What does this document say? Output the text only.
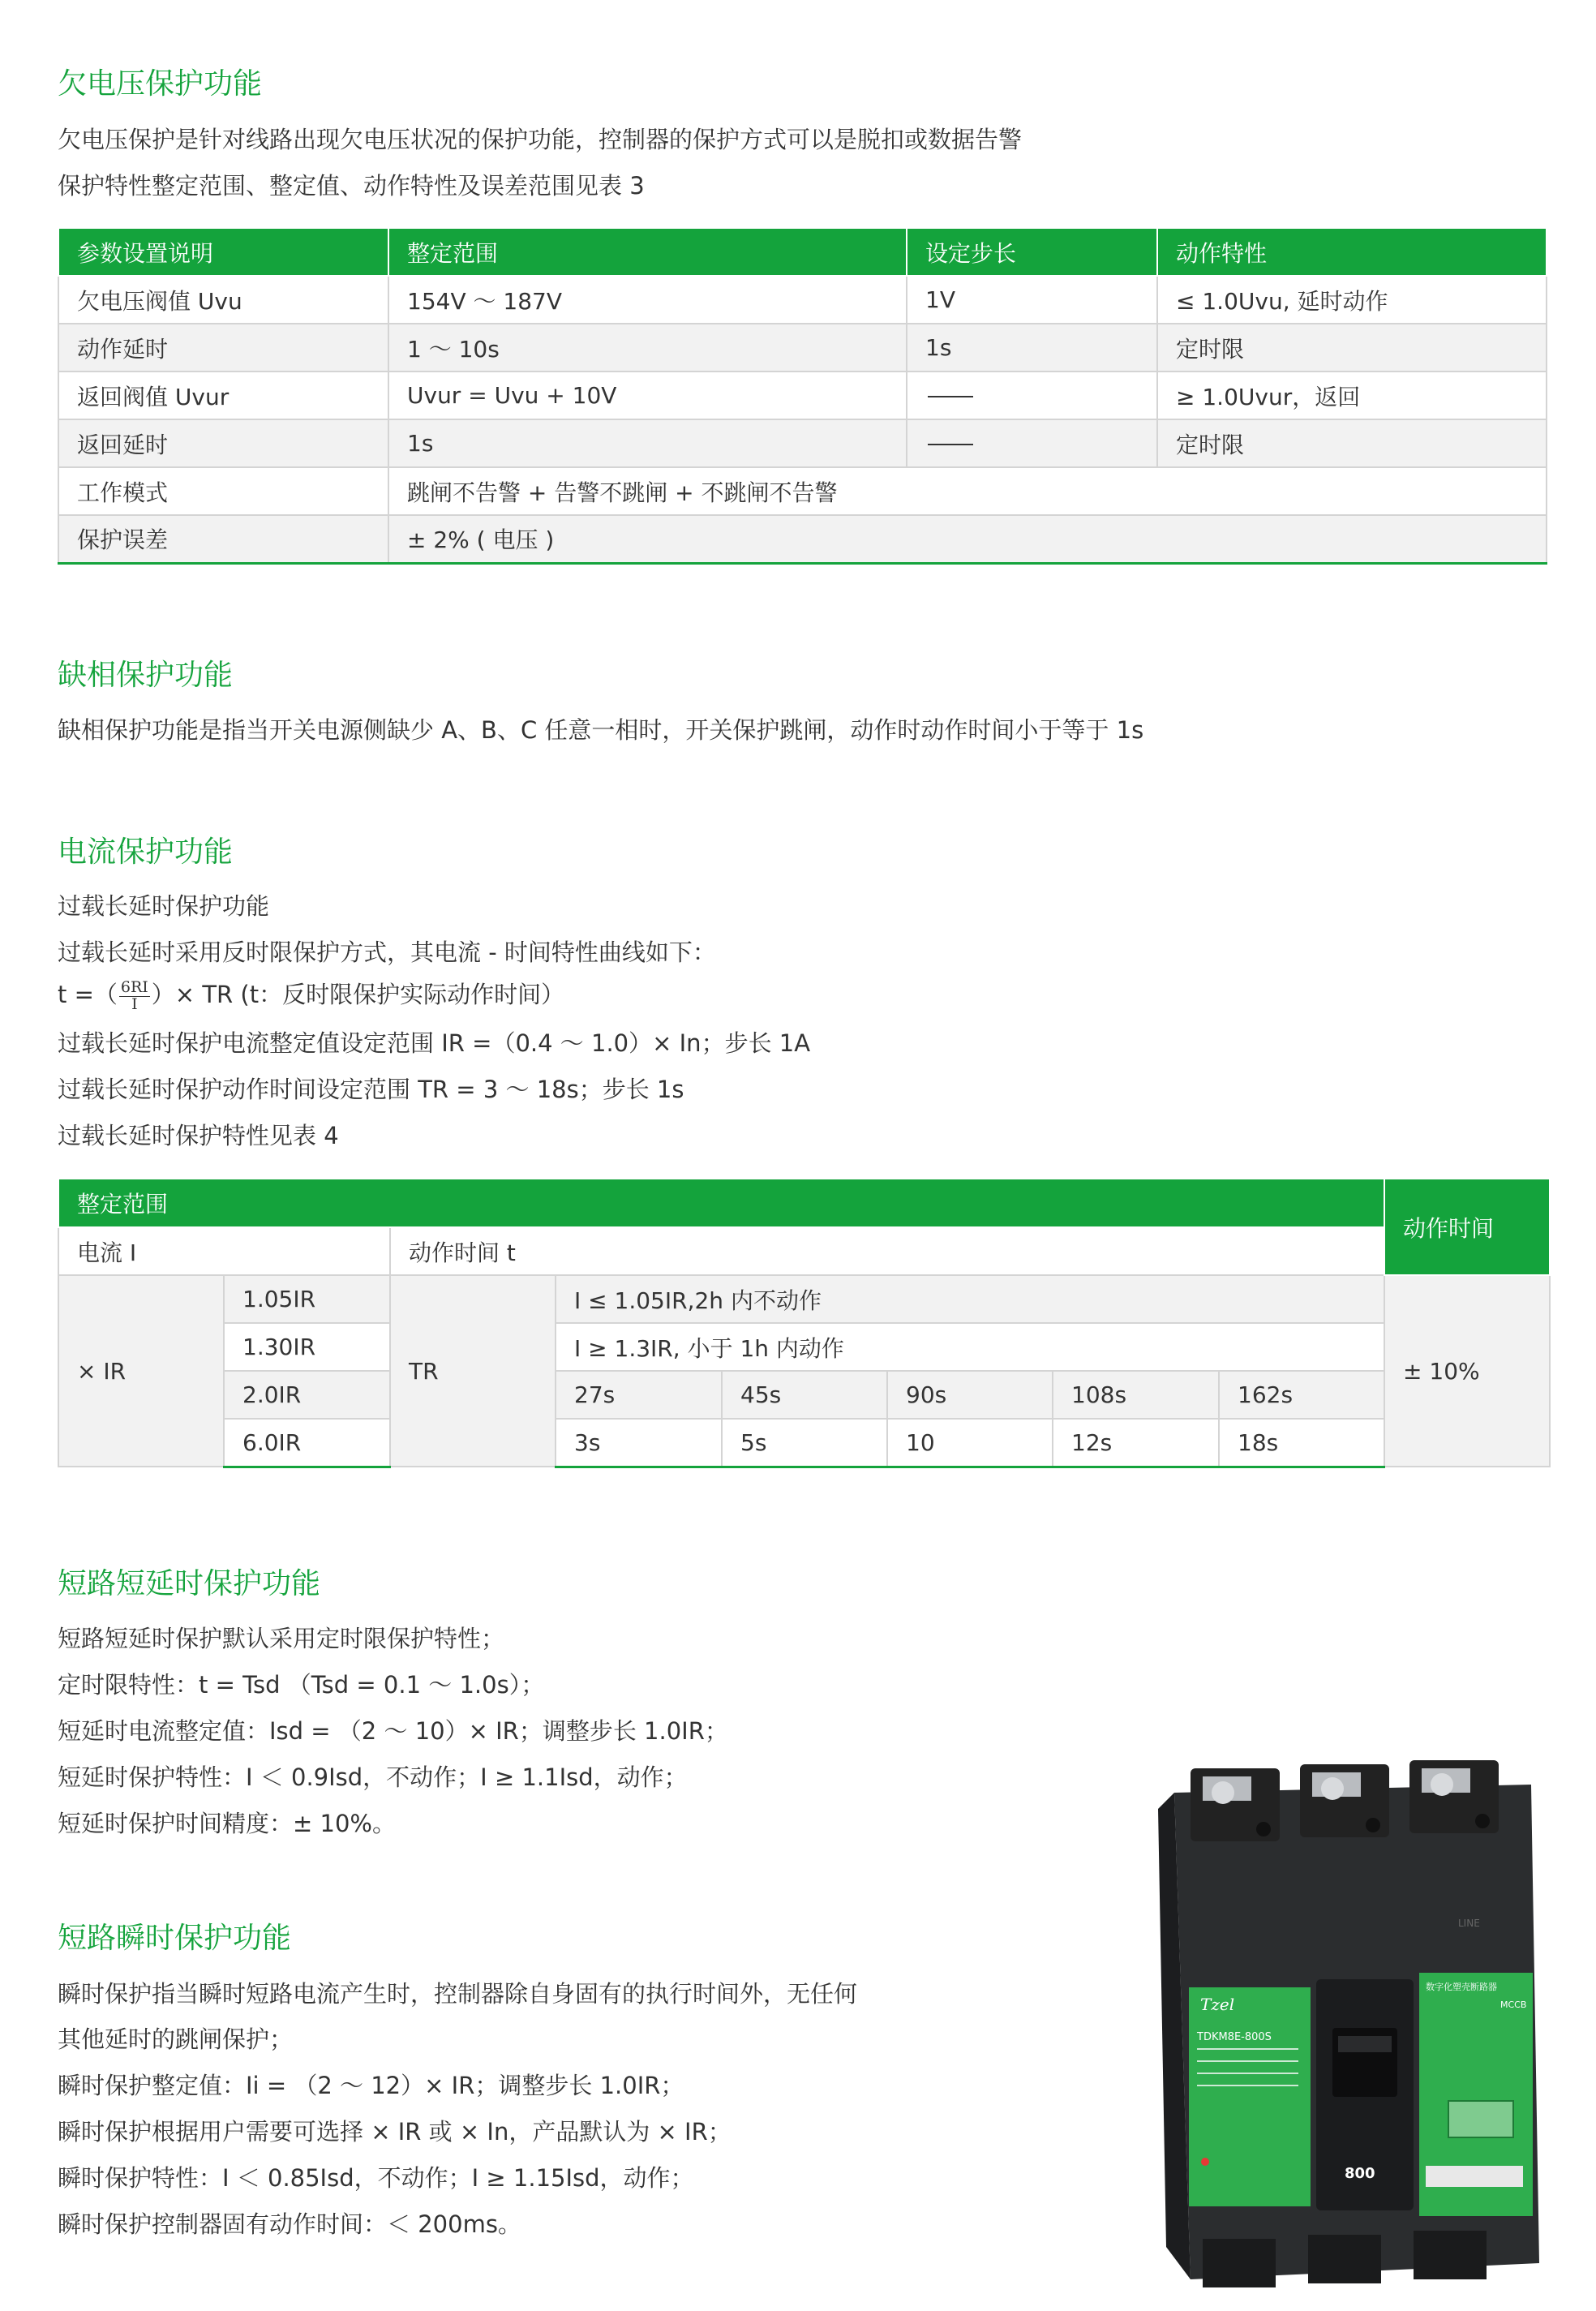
欠电压保护功能

欠电压保护是针对线路出现欠电压状况的保护功能，控制器的保护方式可以是脱扣或数据告警

保护特性整定范围、整定值、动作特性及误差范围见表 3

参数设置说明	整定范围	设定步长	动作特性
欠电压阀值 Uvu	154V ～ 187V	1V	≤ 1.0Uvu, 延时动作
动作延时	1 ～ 10s	1s	定时限
返回阀值 Uvur	Uvur = Uvu + 10V		≥ 1.0Uvur，返回
返回延时	1s		定时限
工作模式	跳闸不告警 + 告警不跳闸 + 不跳闸不告警		
保护误差	± 2% ( 电压 )		
缺相保护功能

缺相保护功能是指当开关电源侧缺少 A、B、C 任意一相时，开关保护跳闸，动作时动作时间小于等于 1s

电流保护功能

过载长延时保护功能

过载长延时采用反时限保护方式，其电流 - 时间特性曲线如下：

t =（ $\frac{6RI}{I}$ ）× TR (t：反时限保护实际动作时间）

过载长延时保护电流整定值设定范围 IR =（0.4 ～ 1.0）× In；步长 1A

过载长延时保护动作时间设定范围 TR = 3 ～ 18s；步长 1s

过载长延时保护特性见表 4

整定范围								动作时间
电流 I		动作时间 t						
× IR	1.05IR	TR	I ≤ 1.05IR,2h 内不动作					± 10%
	1.30IR		I ≥ 1.3IR, 小于 1h 内动作					
	2.0IR		27s	45s	90s	108s	162s	
	6.0IR		3s	5s	10	12s	18s	
短路短延时保护功能

短路短延时保护默认采用定时限保护特性；

定时限特性：t = Tsd （Tsd = 0.1 ～ 1.0s）；

短延时电流整定值：Isd = （2 ～ 10）× IR；调整步长 1.0IR；

短延时保护特性：I ＜ 0.9Isd，不动作；I ≥ 1.1Isd，动作；

短延时保护时间精度：± 10%。

短路瞬时保护功能

瞬时保护指当瞬时短路电流产生时，控制器除自身固有的执行时间外，无任何

其他延时的跳闸保护；

瞬时保护整定值：Ii = （2 ～ 12）× IR；调整步长 1.0IR；

瞬时保护根据用户需要可选择 × IR 或 × In，产品默认为 × IR；

瞬时保护特性：I ＜ 0.85Isd，不动作；I ≥ 1.15Isd，动作；

瞬时保护控制器固有动作时间：＜ 200ms。

LINE
Tzel
TDKM8E-800S
800
数字化塑壳断路器
MCCB
